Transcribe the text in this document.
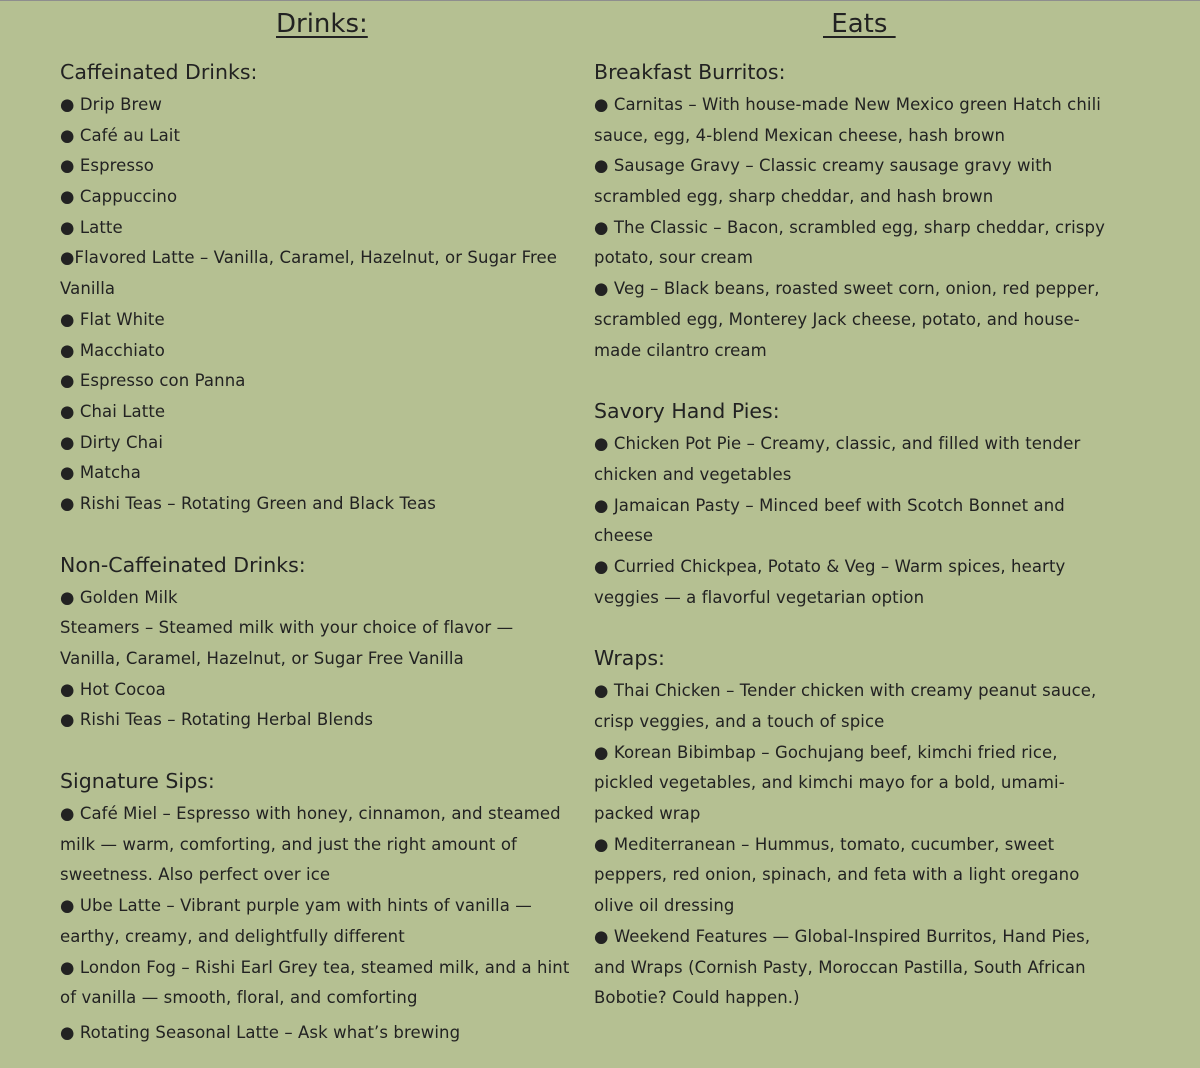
Drinks:	Eats
Caffeinated Drinks:
● Drip Brew
● Café au Lait
● Espresso
● Cappuccino
● Latte
●Flavored Latte – Vanilla, Caramel, Hazelnut, or Sugar Free
Vanilla
● Flat White
● Macchiato
● Espresso con Panna
● Chai Latte
● Dirty Chai
● Matcha
● Rishi Teas – Rotating Green and Black Teas
Non-Caffeinated Drinks:
● Golden Milk
Steamers – Steamed milk with your choice of flavor —
Vanilla, Caramel, Hazelnut, or Sugar Free Vanilla
● Hot Cocoa
● Rishi Teas – Rotating Herbal Blends
Signature Sips:
● Café Miel – Espresso with honey, cinnamon, and steamed
milk — warm, comforting, and just the right amount of
sweetness. Also perfect over ice
● Ube Latte – Vibrant purple yam with hints of vanilla —
earthy, creamy, and delightfully different
● London Fog – Rishi Earl Grey tea, steamed milk, and a hint
of vanilla — smooth, floral, and comforting
● Rotating Seasonal Latte – Ask what’s brewing
Breakfast Burritos:
● Carnitas – With house-made New Mexico green Hatch chili
sauce, egg, 4-blend Mexican cheese, hash brown
● Sausage Gravy – Classic creamy sausage gravy with
scrambled egg, sharp cheddar, and hash brown
● The Classic – Bacon, scrambled egg, sharp cheddar, crispy
potato, sour cream
● Veg – Black beans, roasted sweet corn, onion, red pepper,
scrambled egg, Monterey Jack cheese, potato, and house-
made cilantro cream
Savory Hand Pies:
● Chicken Pot Pie – Creamy, classic, and filled with tender
chicken and vegetables
● Jamaican Pasty – Minced beef with Scotch Bonnet and
cheese
● Curried Chickpea, Potato & Veg – Warm spices, hearty
veggies — a flavorful vegetarian option
Wraps:
● Thai Chicken – Tender chicken with creamy peanut sauce,
crisp veggies, and a touch of spice
● Korean Bibimbap – Gochujang beef, kimchi fried rice,
pickled vegetables, and kimchi mayo for a bold, umami-
packed wrap
● Mediterranean – Hummus, tomato, cucumber, sweet
peppers, red onion, spinach, and feta with a light oregano
olive oil dressing
● Weekend Features — Global-Inspired Burritos, Hand Pies,
and Wraps (Cornish Pasty, Moroccan Pastilla, South African
Bobotie? Could happen.)
